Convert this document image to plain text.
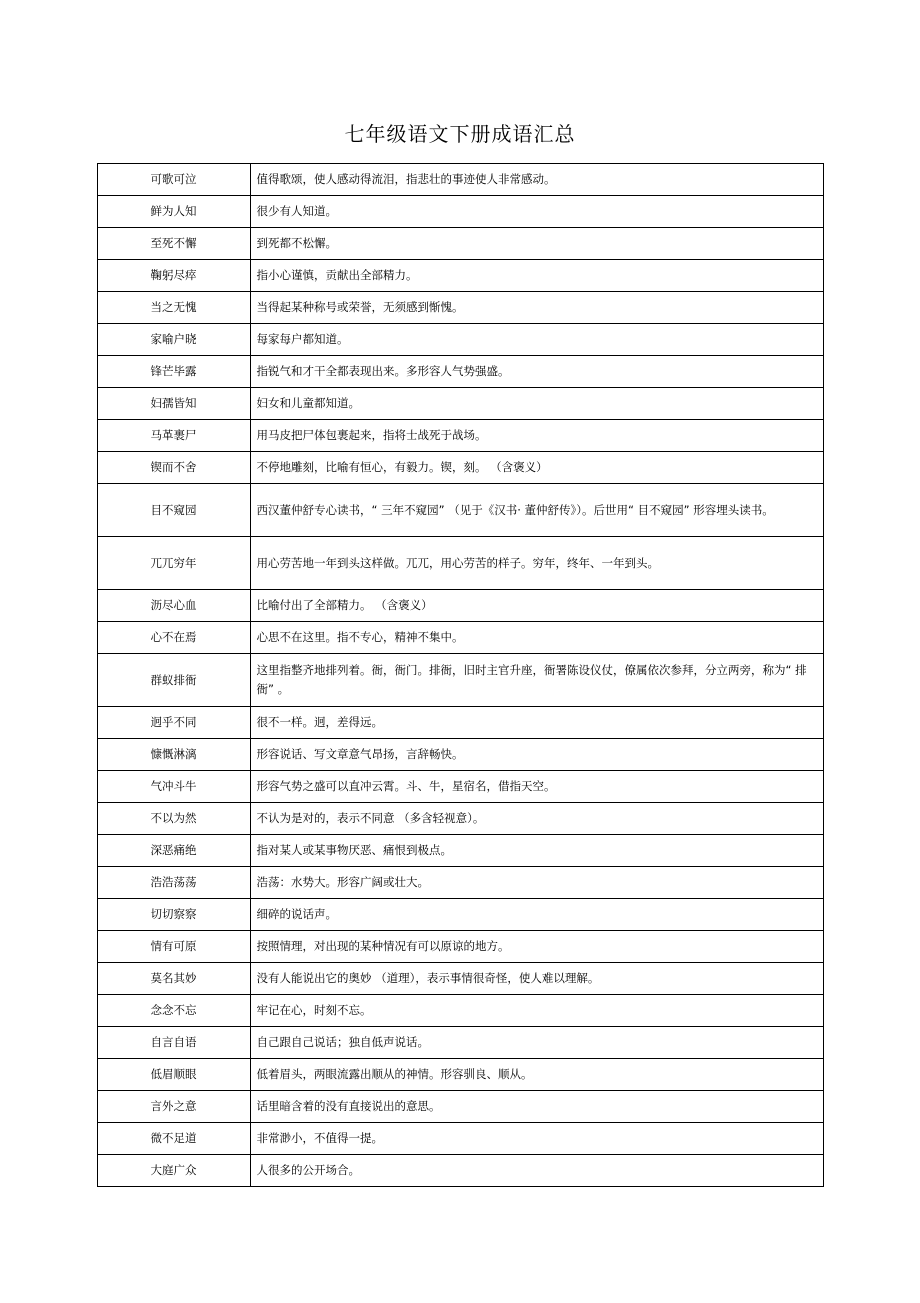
七年级语文下册成语汇总
可歌可泣	值得歌颂，使人感动得流泪，指悲壮的事迹使人非常感动。
鲜为人知	很少有人知道。
至死不懈	到死都不松懈。
鞠躬尽瘁	指小心谨慎，贡献出全部精力。
当之无愧	当得起某种称号或荣誉，无须感到惭愧。
家喻户晓	每家每户都知道。
锋芒毕露	指锐气和才干全都表现出来。多形容人气势强盛。
妇孺皆知	妇女和儿童都知道。
马革裹尸	用马皮把尸体包裹起来，指将士战死于战场。
锲而不舍	不停地雕刻，比喻有恒心，有毅力。锲，刻。 （含褒义）
目不窥园	西汉董仲舒专心读书，“ 三年不窥园” （见于《汉书· 董仲舒传》）。后世用“ 目不窥园” 形容埋头读书。
兀兀穷年	用心劳苦地一年到头这样做。兀兀，用心劳苦的样子。穷年，终年、一年到头。
沥尽心血	比喻付出了全部精力。 （含褒义）
心不在焉	心思不在这里。指不专心，精神不集中。
群蚁排衙	这里指整齐地排列着。衙，衙门。排衙，旧时主官升座，衙署陈设仪仗，僚属依次参拜，分立两旁，称为“ 排衙” 。
迥乎不同	很不一样。迥，差得远。
慷慨淋漓	形容说话、写文章意气昂扬，言辞畅快。
气冲斗牛	形容气势之盛可以直冲云霄。斗、牛，星宿名，借指天空。
不以为然	不认为是对的，表示不同意 （多含轻视意）。
深恶痛绝	指对某人或某事物厌恶、痛恨到极点。
浩浩荡荡	浩荡：水势大。形容广阔或壮大。
切切察察	细碎的说话声。
情有可原	按照情理，对出现的某种情况有可以原谅的地方。
莫名其妙	没有人能说出它的奥妙 （道理），表示事情很奇怪，使人难以理解。
念念不忘	牢记在心，时刻不忘。
自言自语	自己跟自己说话；独自低声说话。
低眉顺眼	低着眉头，两眼流露出顺从的神情。形容驯良、顺从。
言外之意	话里暗含着的没有直接说出的意思。
微不足道	非常渺小，不值得一提。
大庭广众	人很多的公开场合。
